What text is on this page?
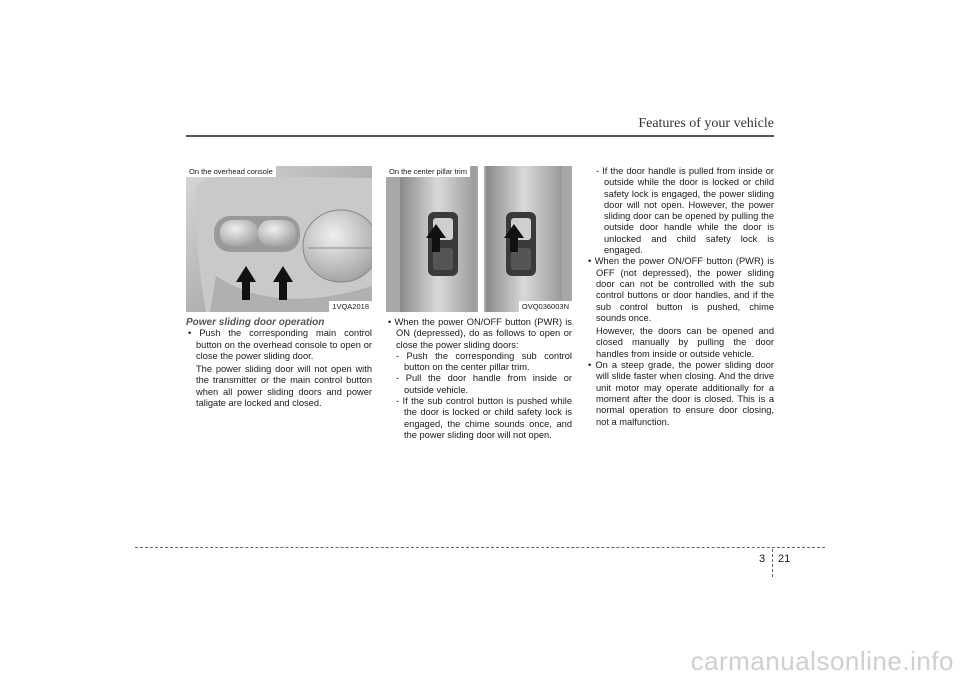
Features of your vehicle
On the overhead console
1VQA2018
On the center pillar trim
OVQ036003N

Power sliding door operation

• Push the corresponding main control button on the overhead console to open or close the power sliding door.

The power sliding door will not open with the transmitter or the main control button when all power sliding doors and power taligate are locked and closed.

• When the power ON/OFF button (PWR) is ON (depressed), do as follows to open or close the power sliding doors:

- Push the corresponding sub control button on the center pillar trim.

- Pull the door handle from inside or outside vehicle.

- If the sub control button is pushed while the door is locked or child safety lock is engaged, the chime sounds once, and the power sliding door will not open.

- If the door handle is pulled from inside or outside while the door is locked or child safety lock is engaged, the power sliding door will not open. However, the power sliding door can be opened by pulling the outside door handle while the door is unlocked and child safety lock is engaged.

• When the power ON/OFF button (PWR) is OFF (not depressed), the power sliding door can not be controlled with the sub control buttons or door handles, and if the sub control button is pushed, chime sounds once.

However, the doors can be opened and closed manually by pulling the door handles from inside or outside vehicle.

• On a steep grade, the power sliding door will slide faster when closing. And the drive unit motor may operate additionally for a moment after the door is closed. This is a normal operation to ensure door closing, not a malfunction.

3 21
carmanualsonline.info
